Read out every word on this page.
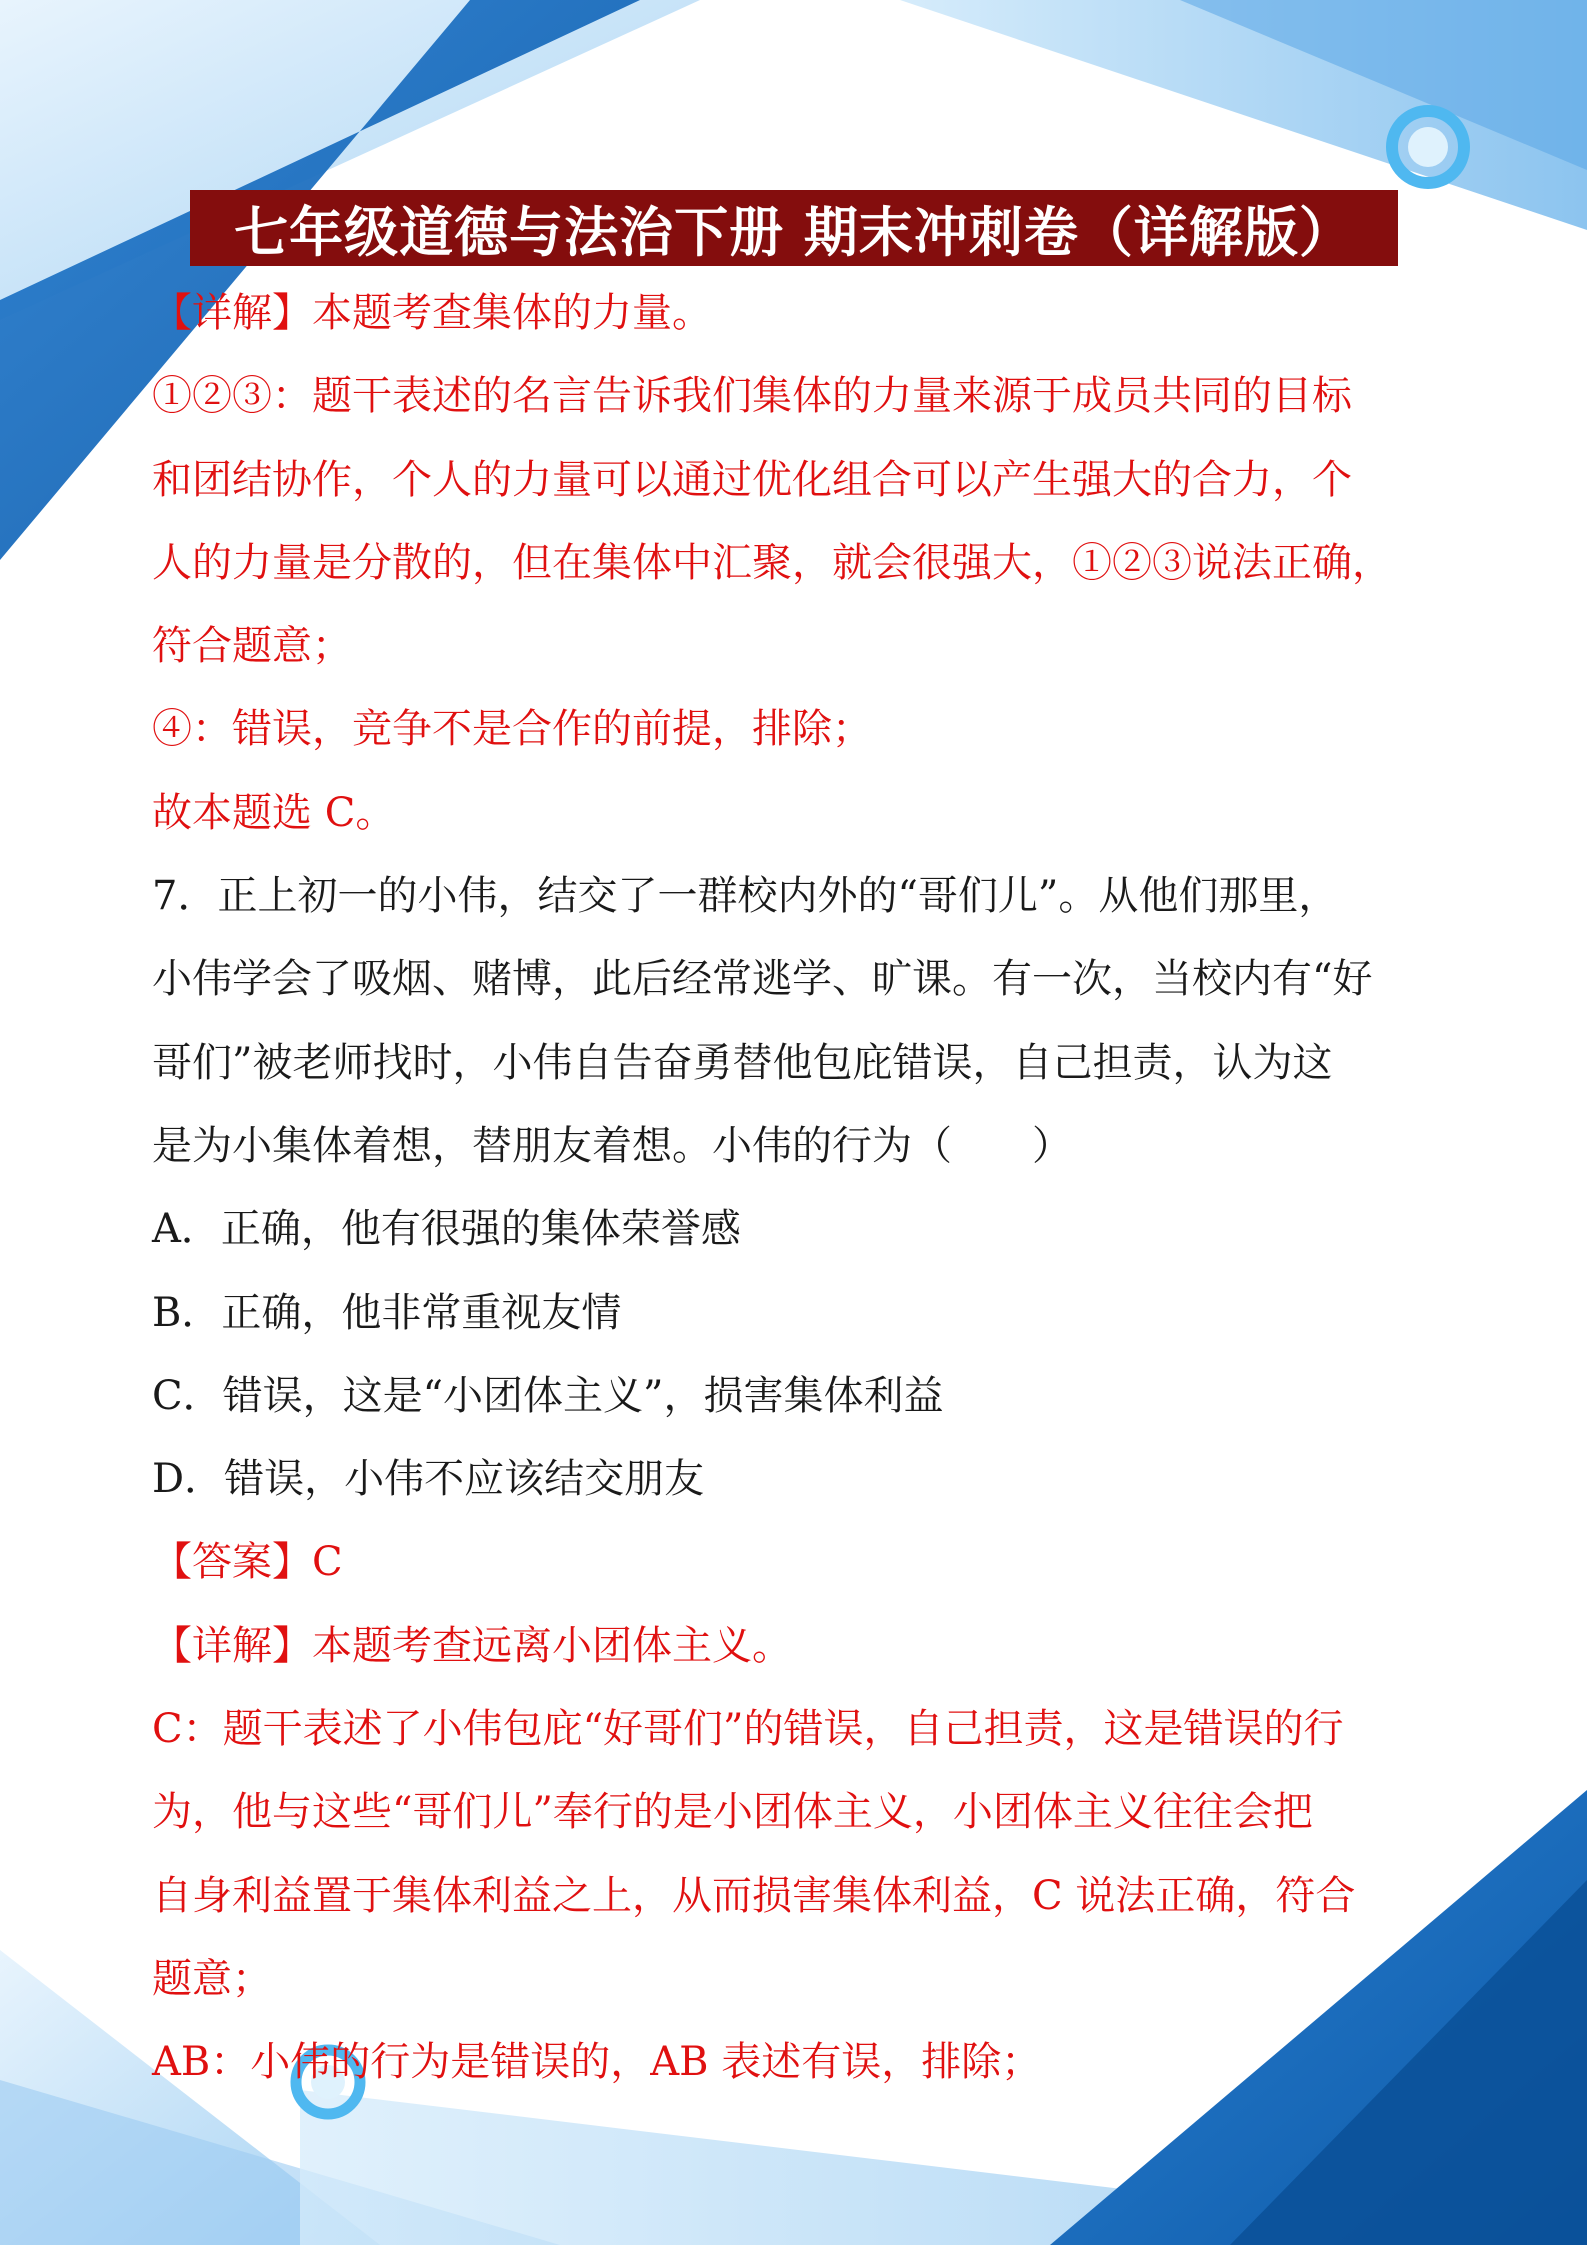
七年级道德与法治下册 期末冲刺卷（详解版）
【详解】本题考查集体的力量。
①②③：题干表述的名言告诉我们集体的力量来源于成员共同的目标
和团结协作，个人的力量可以通过优化组合可以产生强大的合力，个
人的力量是分散的，但在集体中汇聚，就会很强大，①②③说法正确，
符合题意；
④：错误，竞争不是合作的前提，排除；
故本题选 C。
7．正上初一的小伟，结交了一群校内外的“哥们儿”。从他们那里，
小伟学会了吸烟、赌博，此后经常逃学、旷课。有一次，当校内有“好
哥们”被老师找时，小伟自告奋勇替他包庇错误，自己担责，认为这
是为小集体着想，替朋友着想。小伟的行为（　　）
A．正确，他有很强的集体荣誉感
B．正确，他非常重视友情
C．错误，这是“小团体主义”，损害集体利益
D．错误，小伟不应该结交朋友
【答案】C
【详解】本题考查远离小团体主义。
C：题干表述了小伟包庇“好哥们”的错误，自己担责，这是错误的行
为，他与这些“哥们儿”奉行的是小团体主义，小团体主义往往会把
自身利益置于集体利益之上，从而损害集体利益，C 说法正确，符合
题意；
AB：小伟的行为是错误的，AB 表述有误，排除；
